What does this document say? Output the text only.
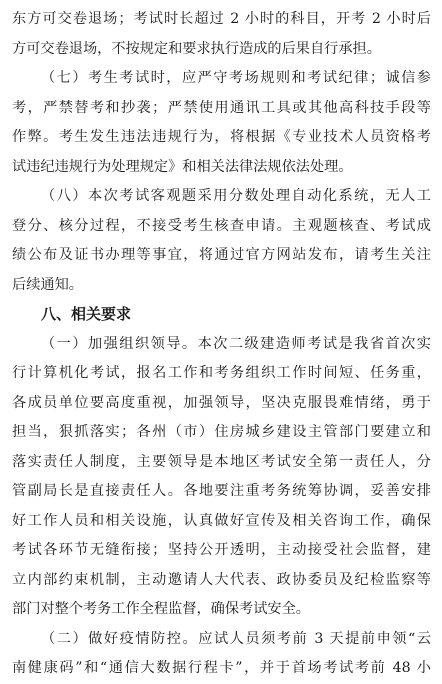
东方可交卷退场；考试时长超过 2 小时的科目，开考 2 小时后
方可交卷退场，不按规定和要求执行造成的后果自行承担。
（七）考生考试时，应严守考场规则和考试纪律；诚信参
考，严禁替考和抄袭；严禁使用通讯工具或其他高科技手段等
作弊。考生发生违法违规行为，将根据《专业技术人员资格考
试违纪违规行为处理规定》和相关法律法规依法处理。
（八）本次考试客观题采用分数处理自动化系统，无人工
登分、核分过程，不接受考生核查申请。主观题核查、考试成
绩公布及证书办理等事宜，将通过官方网站发布，请考生关注
后续通知。
八、相关要求
（一）加强组织领导。本次二级建造师考试是我省首次实
行计算机化考试，报名工作和考务组织工作时间短、任务重，
各成员单位要高度重视，加强领导，坚决克服畏难情绪，勇于
担当，狠抓落实；各州（市）住房城乡建设主管部门要建立和
落实责任人制度，主要领导是本地区考试安全第一责任人，分
管副局长是直接责任人。各地要注重考务统筹协调，妥善安排
好工作人员和相关设施，认真做好宣传及相关咨询工作，确保
考试各环节无缝衔接；坚持公开透明，主动接受社会监督，建
立内部约束机制，主动邀请人大代表、政协委员及纪检监察等
部门对整个考务工作全程监督，确保考试安全。
（二）做好疫情防控。应试人员须考前 3 天提前申领“云
南健康码”和“通信大数据行程卡”，并于首场考试考前 48 小
